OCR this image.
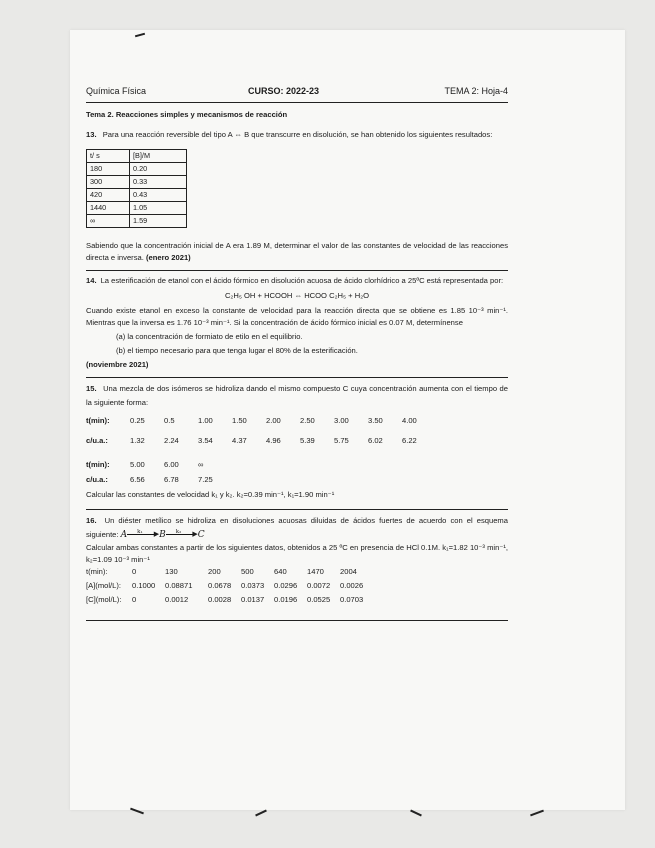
Química Física	CURSO: 2022-23	TEMA 2: Hoja-4
Tema 2. Reacciones simples y mecanismos de reacción

13. Para una reacción reversible del tipo A ⇔ B que transcurre en disolución, se han obtenido los siguientes resultados:

t/ s	[B]/M
180	0.20
300	0.33
420	0.43
1440	1.05
∞	1.59

Sabiendo que la concentración inicial de A era 1.89 M, determinar el valor de las constantes de velocidad de las reacciones directa e inversa. (enero 2021)

14. La esterificación de etanol con el ácido fórmico en disolución acuosa de ácido clorhídrico a 25ºC está representada por:

C₂H₅ OH + HCOOH ⇔ HCOO C₂H₅ + H₂O

Cuando existe etanol en exceso la constante de velocidad para la reacción directa que se obtiene es 1.85 10⁻³ min⁻¹. Mientras que la inversa es 1.76 10⁻³ min⁻¹. Si la concentración de ácido fórmico inicial es 0.07 M, determínense

(a) la concentración de formiato de etilo en el equilibrio.
(b) el tiempo necesario para que tenga lugar el 80% de la esterificación.
(noviembre 2021)

15. Una mezcla de dos isómeros se hidroliza dando el mismo compuesto C cuya concentración aumenta con el tiempo de la siguiente forma:

t(min):	0.25	0.5	1.00	1.50	2.00	2.50	3.00	3.50	4.00
c/u.a.:	1.32	2.24	3.54	4.37	4.96	5.39	5.75	6.02	6.22
t(min):	5.00	6.00	∞
c/u.a.:	6.56	6.78	7.25

Calcular las constantes de velocidad k₁ y k₂. k₂=0.39 min⁻¹, k₁=1.90 min⁻¹

16. Un diéster metílico se hidroliza en disoluciones acuosas diluidas de ácidos fuertes de acuerdo con el esquema siguiente: A k₁ ▶ B k₂ ▶ C

Calcular ambas constantes a partir de los siguientes datos, obtenidos a 25 ºC en presencia de HCl 0.1M. k₁=1.82 10⁻³ min⁻¹, k₂=1.09 10⁻³ min⁻¹

t(min):	0	130	200	500	640	1470	2004
[A](mol/L):	0.1000	0.08871	0.0678	0.0373	0.0296	0.0072	0.0026
[C](mol/L):	0	0.0012	0.0028	0.0137	0.0196	0.0525	0.0703
